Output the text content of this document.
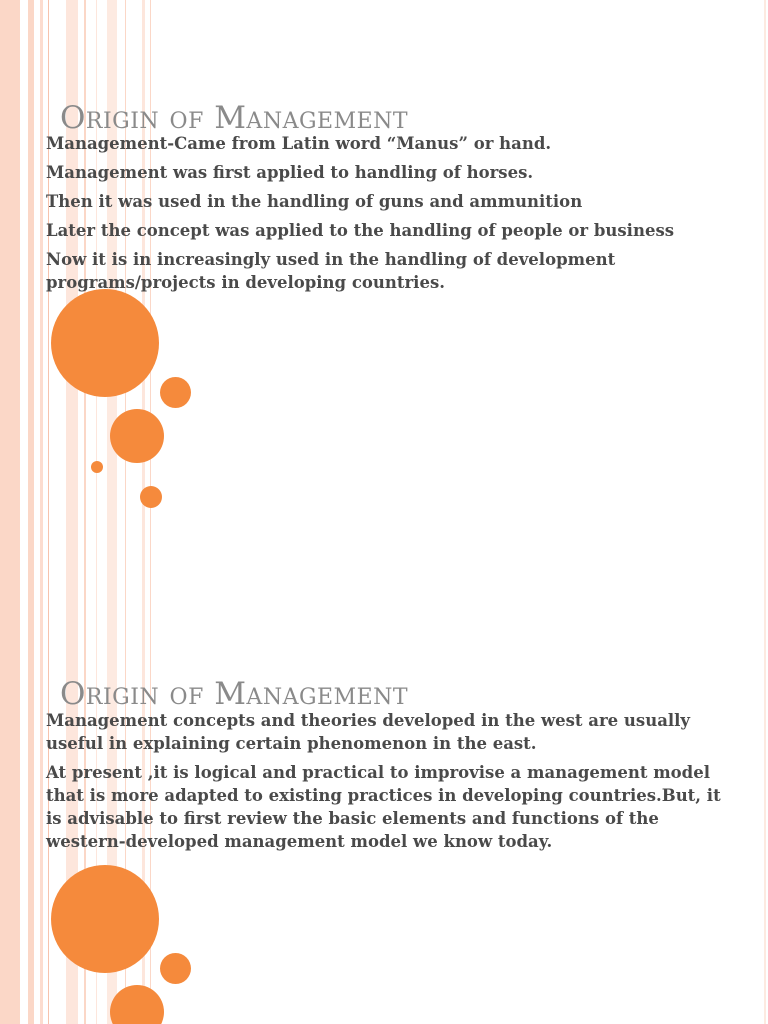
Origin of Management
Management-Came from Latin word “Manus” or hand.
Management was first applied to handling of horses.
Then it was used in the handling of guns and ammunition
Later the concept was applied to the handling of people or business
Now it is in increasingly used in the handling of development programs/projects in developing countries.
Origin of Management
Management concepts and theories developed in the west are usually useful in explaining certain phenomenon in the east.
At present ,it is logical and practical to improvise a management model that is more adapted to existing practices in developing countries.But, it is advisable to first review the basic elements and functions of the western-developed management model we know today.
